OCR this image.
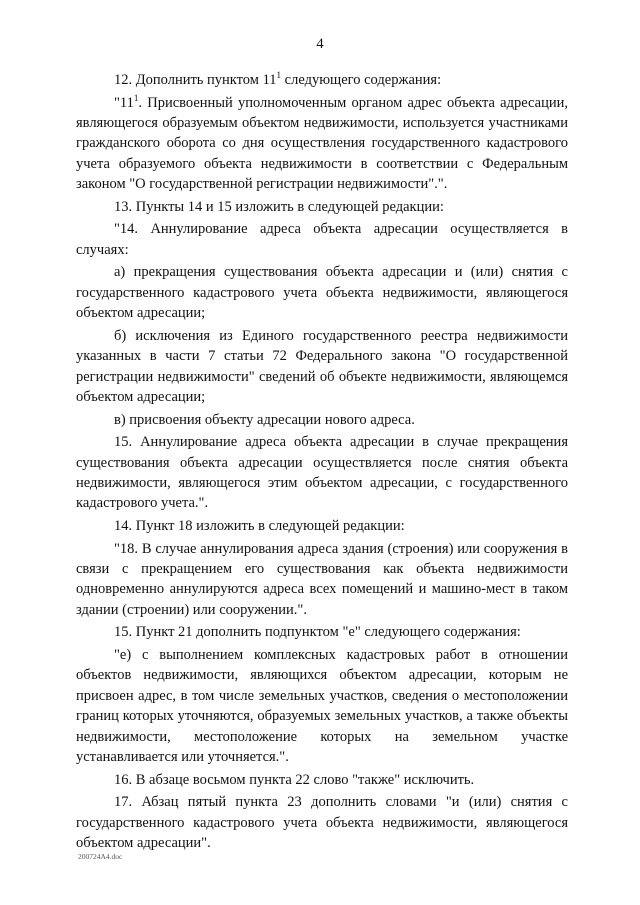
4

12. Дополнить пунктом $11^1$ следующего содержания:

"$11^1$. Присвоенный уполномоченным органом адрес объекта адресации, являющегося образуемым объектом недвижимости, используется участниками гражданского оборота со дня осуществления государственного кадастрового учета образуемого объекта недвижимости в соответствии с Федеральным законом "О государственной регистрации недвижимости".".

13. Пункты 14 и 15 изложить в следующей редакции:

"14. Аннулирование адреса объекта адресации осуществляется в случаях:

а) прекращения существования объекта адресации и (или) снятия с государственного кадастрового учета объекта недвижимости, являющегося объектом адресации;

б) исключения из Единого государственного реестра недвижимости указанных в части 7 статьи 72 Федерального закона "О государственной регистрации недвижимости" сведений об объекте недвижимости, являющемся объектом адресации;

в) присвоения объекту адресации нового адреса.

15. Аннулирование адреса объекта адресации в случае прекращения существования объекта адресации осуществляется после снятия объекта недвижимости, являющегося этим объектом адресации, с государственного кадастрового учета.".

14. Пункт 18 изложить в следующей редакции:

"18. В случае аннулирования адреса здания (строения) или сооружения в связи с прекращением его существования как объекта недвижимости одновременно аннулируются адреса всех помещений и машино-мест в таком здании (строении) или сооружении.".

15. Пункт 21 дополнить подпунктом "е" следующего содержания:

"е) с выполнением комплексных кадастровых работ в отношении объектов недвижимости, являющихся объектом адресации, которым не присвоен адрес, в том числе земельных участков, сведения о местоположении границ которых уточняются, образуемых земельных участков, а также объекты недвижимости, местоположение которых на земельном участке устанавливается или уточняется.".

16. В абзаце восьмом пункта 22 слово "также" исключить.

17. Абзац пятый пункта 23 дополнить словами "и (или) снятия с государственного кадастрового учета объекта недвижимости, являющегося объектом адресации".

200724A4.doc
